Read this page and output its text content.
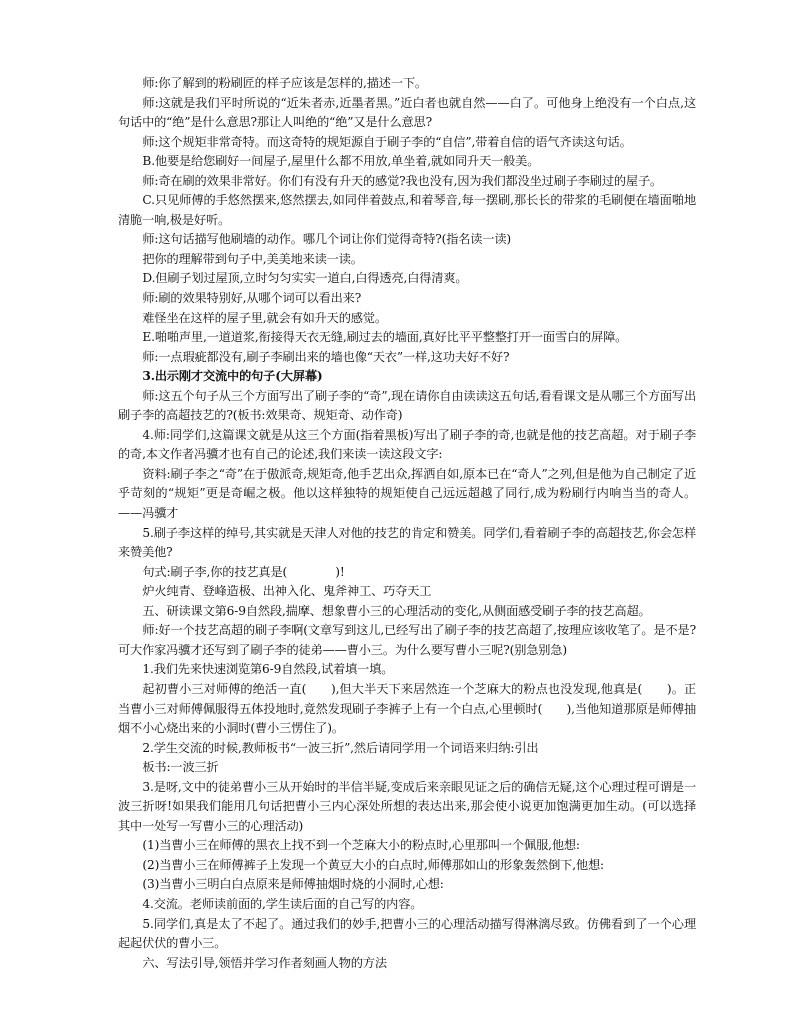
师:你了解到的粉刷匠的样子应该是怎样的,描述一下。

师:这就是我们平时所说的“近朱者赤,近墨者黑。”近白者也就自然——白了。可他身上绝没有一个白点,这句话中的“绝”是什么意思?那让人叫绝的“绝”又是什么意思?

师:这个规矩非常奇特。而这奇特的规矩源自于刷子李的“自信”,带着自信的语气齐读这句话。

B.他要是给您刷好一间屋子,屋里什么都不用放,单坐着,就如同升天一般美。

师:奇在刷的效果非常好。你们有没有升天的感觉?我也没有,因为我们都没坐过刷子李刷过的屋子。

C.只见师傅的手悠然摆来,悠然摆去,如同伴着鼓点,和着琴音,每一摆刷,那长长的带浆的毛刷便在墙面啪地清脆一响,极是好听。

师:这句话描写他刷墙的动作。哪几个词让你们觉得奇特?(指名读一读)

把你的理解带到句子中,美美地来读一读。

D.但刷子划过屋顶,立时匀匀实实一道白,白得透亮,白得清爽。

师:刷的效果特别好,从哪个词可以看出来?

难怪坐在这样的屋子里,就会有如升天的感觉。

E.啪啪声里,一道道浆,衔接得天衣无缝,刷过去的墙面,真好比平平整整打开一面雪白的屏障。

师:一点瑕疵都没有,刷子李刷出来的墙也像“天衣”一样,这功夫好不好?

3.出示刚才交流中的句子(大屏幕)

师:这五个句子从三个方面写出了刷子李的“奇”,现在请你自由读读这五句话,看看课文是从哪三个方面写出刷子李的高超技艺的?(板书:效果奇、规矩奇、动作奇)

4.师:同学们,这篇课文就是从这三个方面(指着黑板)写出了刷子李的奇,也就是他的技艺高超。对于刷子李的奇,本文作者冯骥才也有自己的论述,我们来读一读这段文字:

资料:刷子李之“奇”在于傲派奇,规矩奇,他手艺出众,挥洒自如,原本已在“奇人”之列,但是他为自己制定了近乎苛刻的“规矩”更是奇崛之极。他以这样独特的规矩使自己远远超越了同行,成为粉刷行内响当当的奇人。——冯骥才

5.刷子李这样的绰号,其实就是天津人对他的技艺的肯定和赞美。同学们,看着刷子李的高超技艺,你会怎样来赞美他?

句式:刷子李,你的技艺真是(　　　　)!

炉火纯青、登峰造极、出神入化、鬼斧神工、巧夺天工

五、研读课文第6-9自然段,揣摩、想象曹小三的心理活动的变化,从侧面感受刷子李的技艺高超。

师:好一个技艺高超的刷子李啊(文章写到这儿,已经写出了刷子李的技艺高超了,按理应该收笔了。是不是?可大作家冯骥才还写到了刷子李的徒弟——曹小三。为什么要写曹小三呢?(别急别急)

1.我们先来快速浏览第6-9自然段,试着填一填。

起初曹小三对师傅的绝活一直(　　),但大半天下来居然连一个芝麻大的粉点也没发现,他真是(　　)。正当曹小三对师傅佩服得五体投地时,竟然发现刷子李裤子上有一个白点,心里顿时(　　),当他知道那原是师傅抽烟不小心烧出来的小洞时(曹小三愣住了)。

2.学生交流的时候,教师板书“一波三折”,然后请同学用一个词语来归纳:引出

板书:一波三折

3.是呀,文中的徒弟曹小三从开始时的半信半疑,变成后来亲眼见证之后的确信无疑,这个心理过程可谓是一波三折呀!如果我们能用几句话把曹小三内心深处所想的表达出来,那会使小说更加饱满更加生动。(可以选择其中一处写一写曹小三的心理活动)

(1)当曹小三在师傅的黑衣上找不到一个芝麻大小的粉点时,心里那叫一个佩服,他想:

(2)当曹小三在师傅裤子上发现一个黄豆大小的白点时,师傅那如山的形象轰然倒下,他想:

(3)当曹小三明白白点原来是师傅抽烟时烧的小洞时,心想:

4.交流。老师读前面的,学生读后面的自己写的内容。

5.同学们,真是太了不起了。通过我们的妙手,把曹小三的心理活动描写得淋漓尽致。仿佛看到了一个心理起起伏伏的曹小三。

六、写法引导,领悟并学习作者刻画人物的方法
